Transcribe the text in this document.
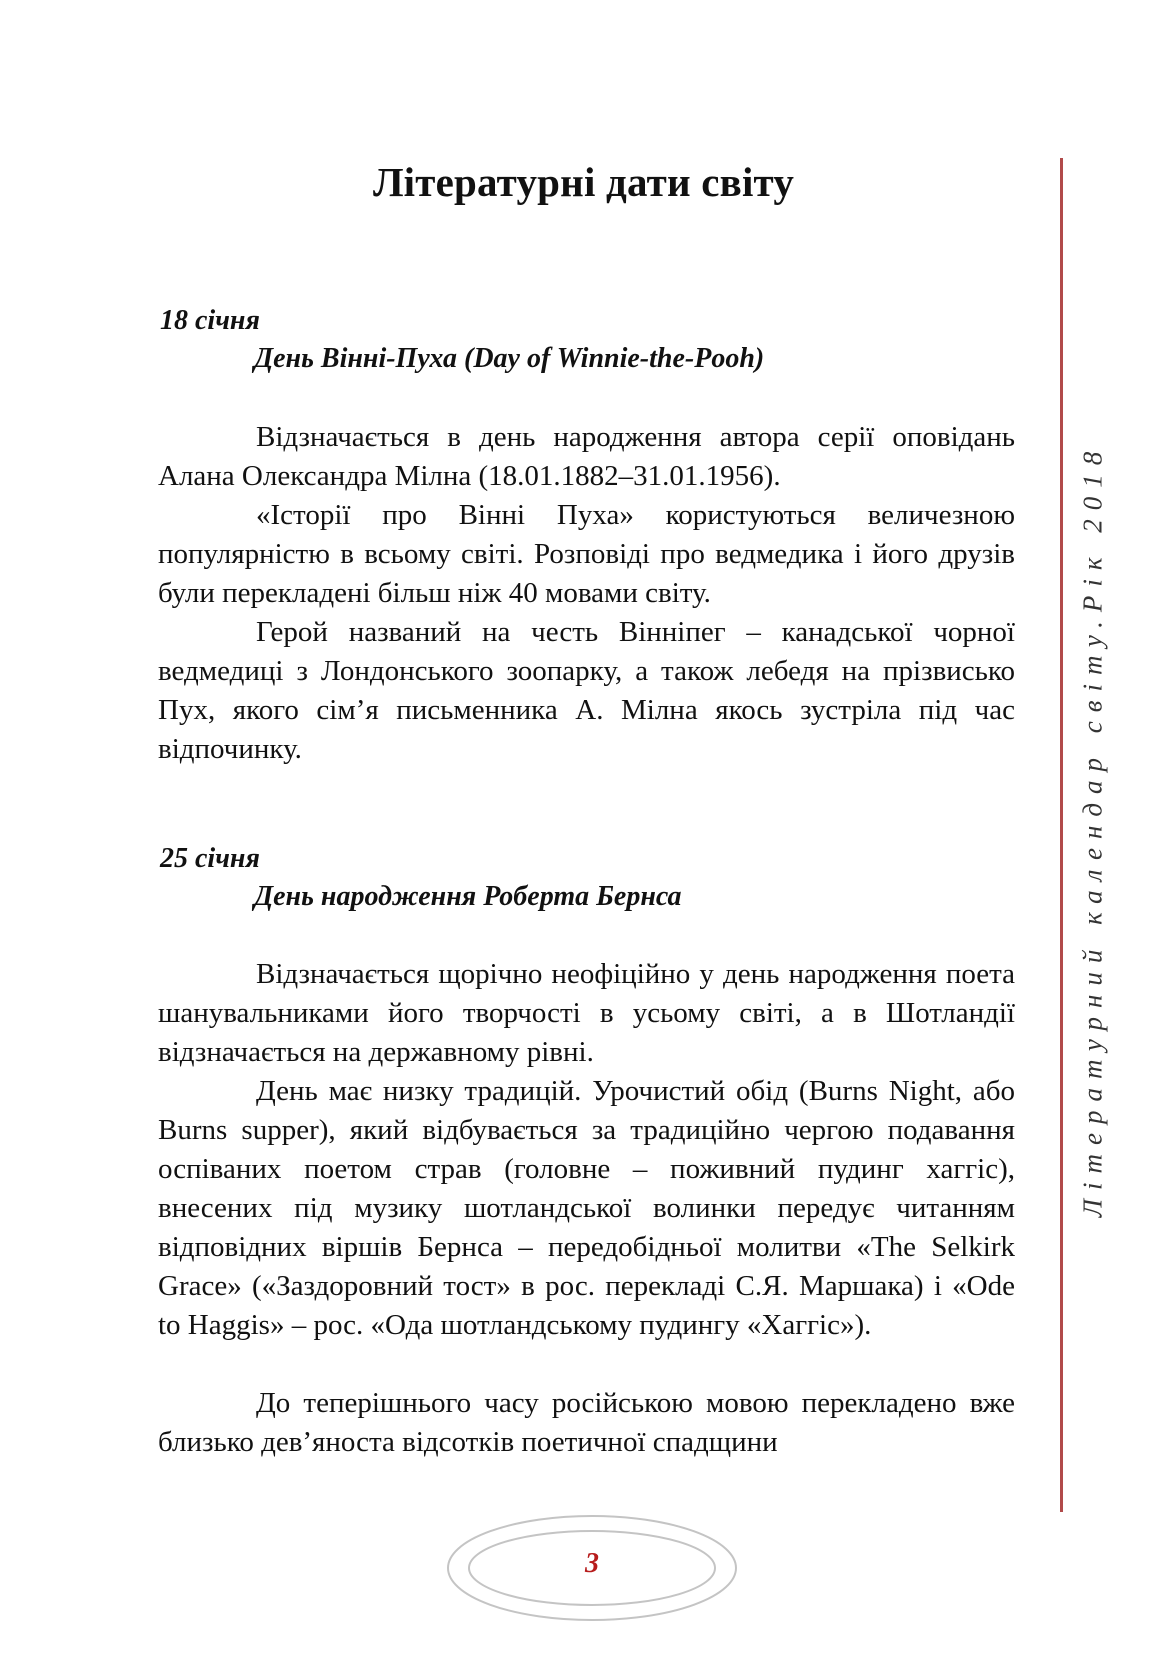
Літературні дати світу
18 січня
День Вінні-Пуха (Day of Winnie-the-Pooh)

Відзначається в день народження автора серії оповідань Алана Олександра Мілна (18.01.1882–31.01.1956).

«Історії про Вінні Пуха» користуються величезною популярністю в всьому світі. Розповіді про ведмедика і його друзів були перекладені більш ніж 40 мовами світу.

Герой названий на честь Вінніпег – канадської чорної ведмедиці з Лондонського зоопарку, а також лебедя на прізвисько Пух, якого сім’я письменника А. Мілна якось зустріла під час відпочинку.

25 січня
День народження Роберта Бернса

Відзначається щорічно неофіційно у день народження поета шанувальниками його творчості в усьому світі, а в Шотландії відзначається на державному рівні.

День має низку традицій. Урочистий обід (Burns Night, або Burns supper), який відбувається за традиційно чергою подавання оспіваних поетом страв (головне – поживний пудинг хаггіс), внесених під музику шотландської волинки передує читанням відповідних віршів Бернса – передобідньої молитви «The Selkirk Grace» («Заздоровний тост» в рос. перекладі С.Я. Маршака) і «Ode to Haggis» – рос. «Ода шотландському пудингу «Хаггіс»).

До теперішнього часу російською мовою перекладено вже близько дев’яноста відсотків поетичної спадщини

Літературний календар світу.Рік 2018
3
